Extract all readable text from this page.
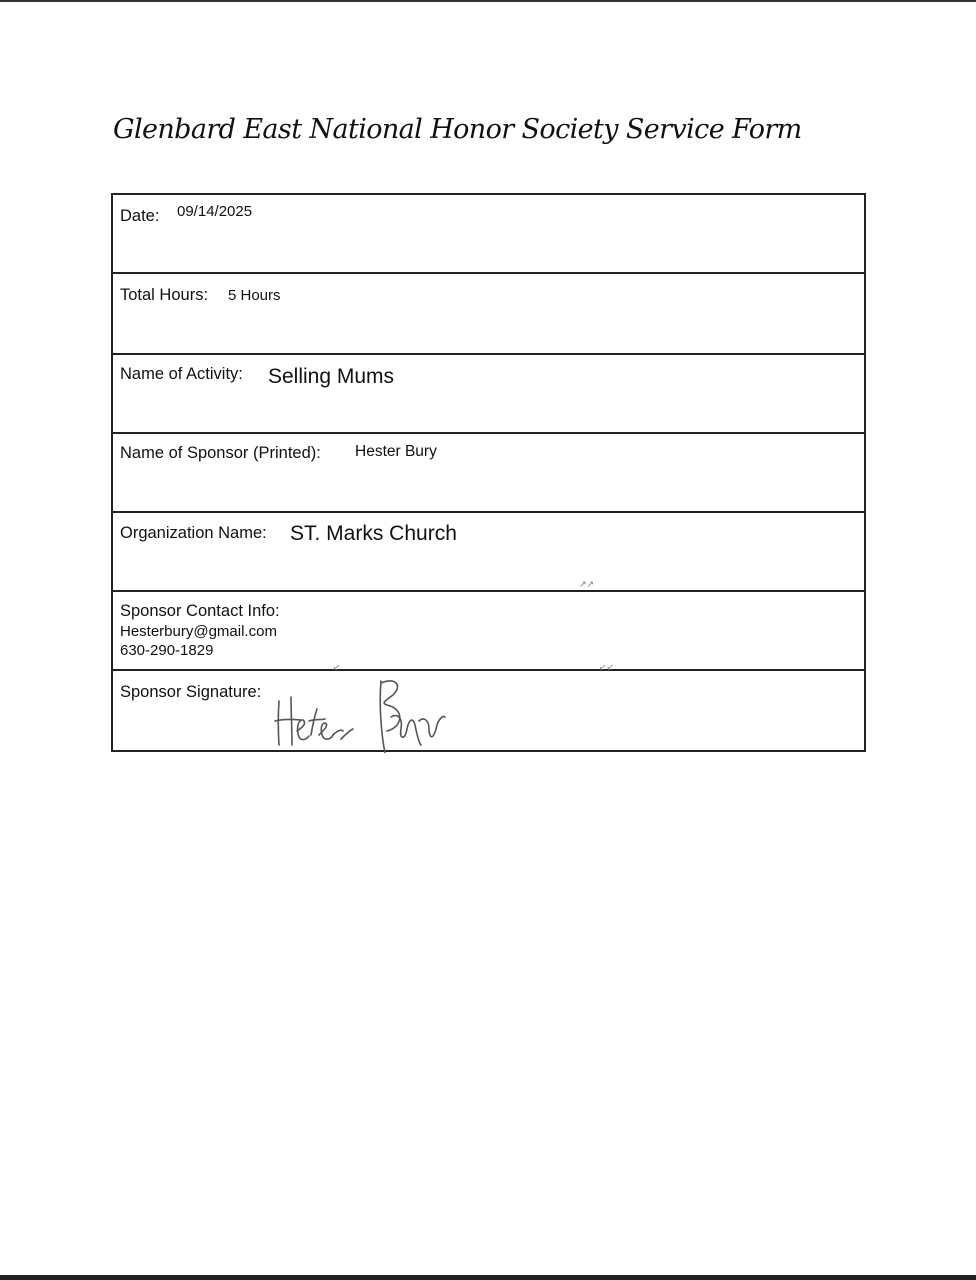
Glenbard East National Honor Society Service Form
Date: 09/14/2025
Total Hours: 5 Hours
Name of Activity: Selling Mums
Name of Sponsor (Printed): Hester Bury
Organization Name: ST. Marks Church
↗↗
Sponsor Contact Info:
Hesterbury@gmail.com
630-290-1829
Sponsor Signature:
↙	↙↙
